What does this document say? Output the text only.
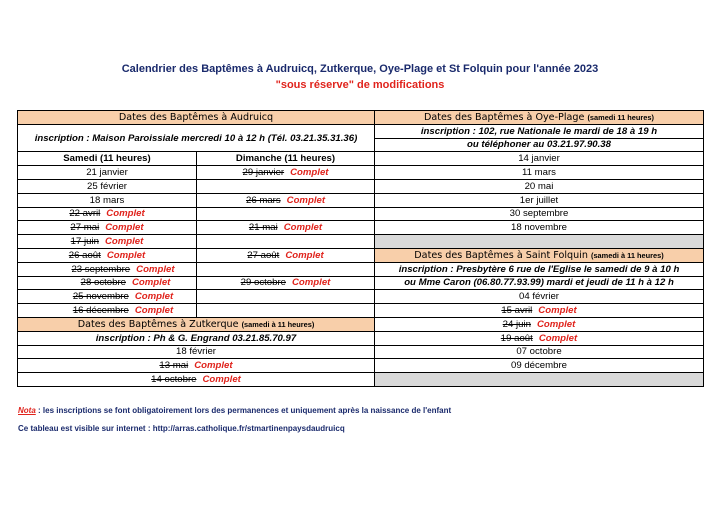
Calendrier des Baptêmes à Audruicq, Zutkerque, Oye-Plage et St Folquin pour l'année 2023
"sous réserve" de modifications
Dates des Baptêmes à Audruicq		Dates des Baptêmes à Oye-Plage (samedi 11 heures)
inscription : Maison Paroissiale mercredi 10 à 12 h (Tél. 03.21.35.31.36)		inscription : 102, rue Nationale le mardi de 18 à 19 h
		ou téléphoner au 03.21.97.90.38
Samedi (11 heures)	Dimanche (11 heures)	14 janvier
21 janvier	29 janvier Complet	11 mars
25 février		20 mai
18 mars	26 mars Complet	1er juillet
22 avril Complet		30 septembre
27 mai Complet	21 mai Complet	18 novembre
17 juin Complet		
26 août Complet	27 août Complet	Dates des Baptêmes à Saint Folquin (samedi à 11 heures)
23 septembre Complet		inscription : Presbytère 6 rue de l'Eglise le samedi de 9 à 10 h
28 octobre Complet	29 octobre Complet	ou Mme Caron (06.80.77.93.99) mardi et jeudi de 11 h à 12 h
25 novembre Complet		04 février
16 décembre Complet		15 avril Complet
Dates des Baptêmes à Zutkerque (samedi à 11 heures)		24 juin Complet
inscription : Ph & G. Engrand 03.21.85.70.97		19 août Complet
18 février		07 octobre
13 mai Complet		09 décembre
14 octobre Complet		
Nota : les inscriptions se font obligatoirement lors des permanences et uniquement après la naissance de l'enfant
Ce tableau est visible sur internet : http://arras.catholique.fr/stmartinenpaysdaudruicq
